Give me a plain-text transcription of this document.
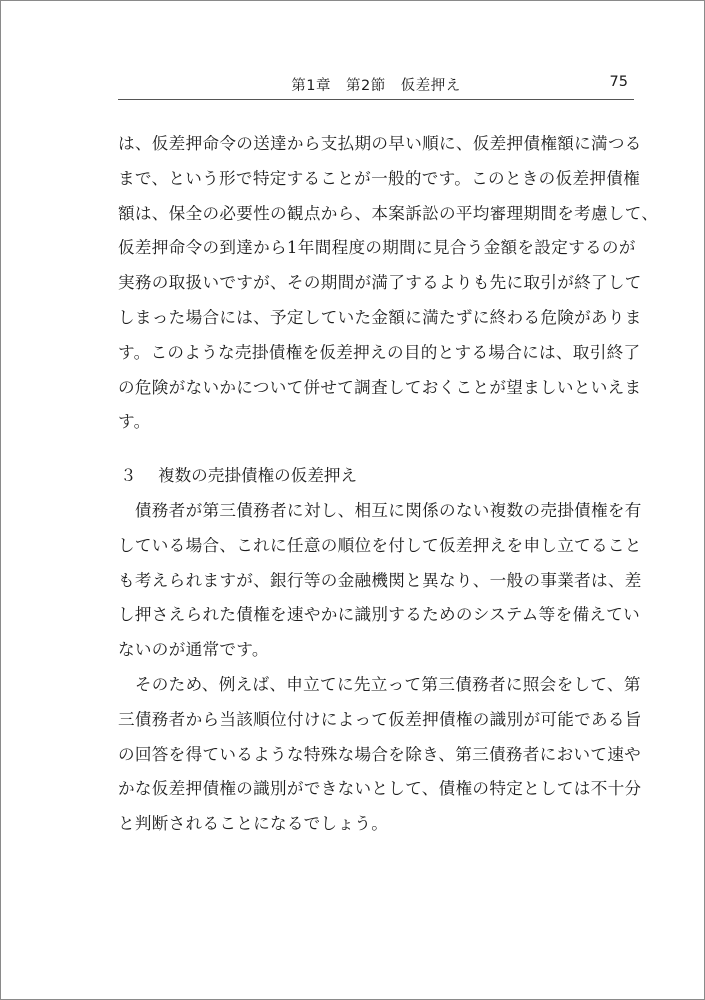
第1章　第2節　仮差押え	75
は、仮差押命令の送達から支払期の早い順に、仮差押債権額に満つる
まで、という形で特定することが一般的です。このときの仮差押債権
額は、保全の必要性の観点から、本案訴訟の平均審理期間を考慮して、
仮差押命令の到達から1年間程度の期間に見合う金額を設定するのが
実務の取扱いですが、その期間が満了するよりも先に取引が終了して
しまった場合には、予定していた金額に満たずに終わる危険がありま
す。このような売掛債権を仮差押えの目的とする場合には、取引終了
の危険がないかについて併せて調査しておくことが望ましいといえま
す。
３ 複数の売掛債権の仮差押え
　債務者が第三債務者に対し、相互に関係のない複数の売掛債権を有
している場合、これに任意の順位を付して仮差押えを申し立てること
も考えられますが、銀行等の金融機関と異なり、一般の事業者は、差
し押さえられた債権を速やかに識別するためのシステム等を備えてい
ないのが通常です。
　そのため、例えば、申立てに先立って第三債務者に照会をして、第
三債務者から当該順位付けによって仮差押債権の識別が可能である旨
の回答を得ているような特殊な場合を除き、第三債務者において速や
かな仮差押債権の識別ができないとして、債権の特定としては不十分
と判断されることになるでしょう。
